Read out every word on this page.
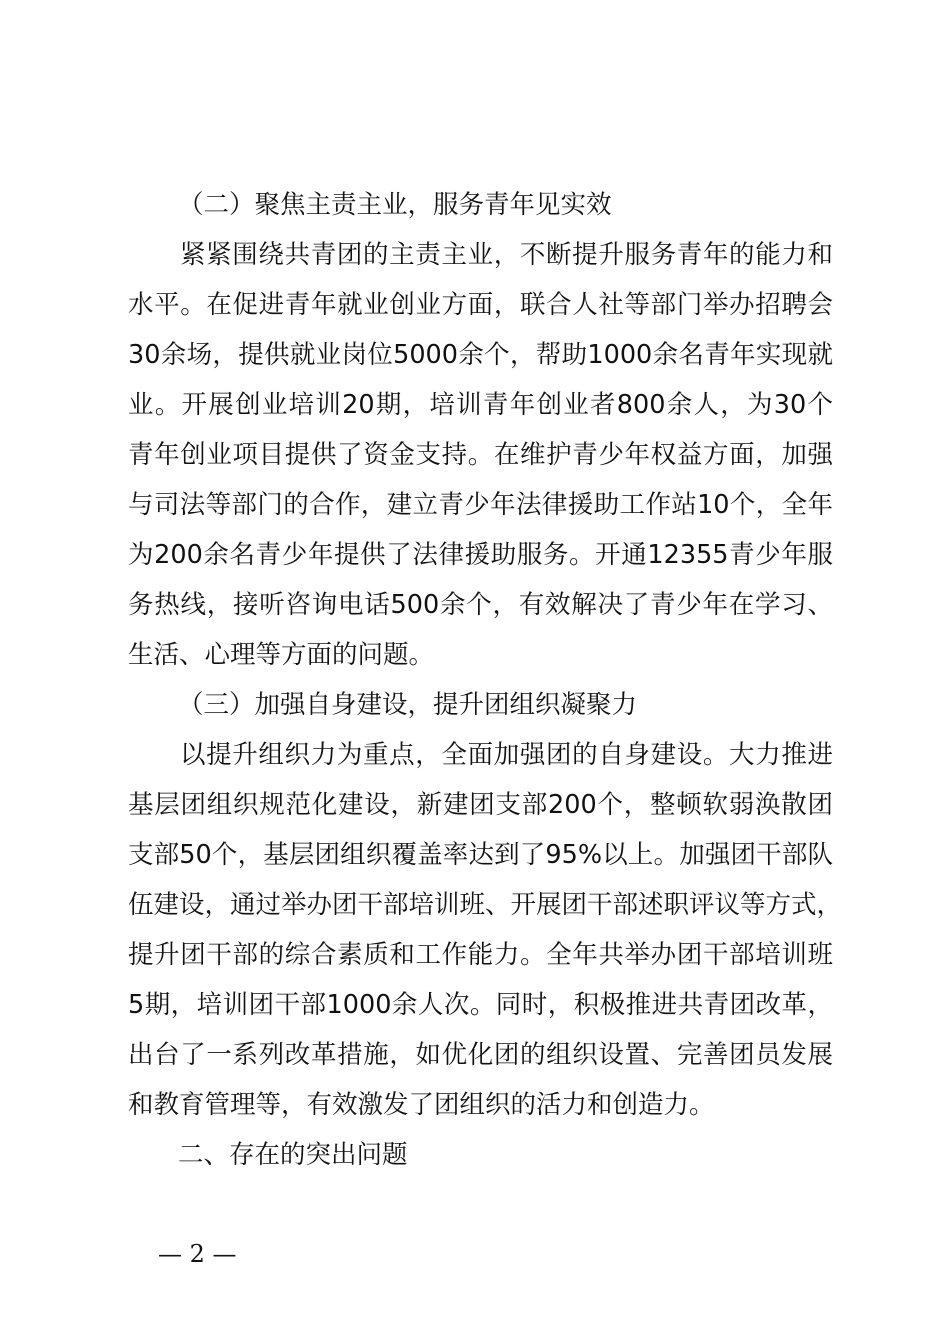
（二）聚焦主责主业，服务青年见实效
紧紧围绕共青团的主责主业，不断提升服务青年的能力和
水平。在促进青年就业创业方面，联合人社等部门举办招聘会
30余场，提供就业岗位5000余个，帮助1000余名青年实现就
业。开展创业培训20期，培训青年创业者800余人，为30个
青年创业项目提供了资金支持。在维护青少年权益方面，加强
与司法等部门的合作，建立青少年法律援助工作站10个，全年
为200余名青少年提供了法律援助服务。开通12355青少年服
务热线，接听咨询电话500余个，有效解决了青少年在学习、
生活、心理等方面的问题。
（三）加强自身建设，提升团组织凝聚力
以提升组织力为重点，全面加强团的自身建设。大力推进
基层团组织规范化建设，新建团支部200个，整顿软弱涣散团
支部50个，基层团组织覆盖率达到了95%以上。加强团干部队
伍建设，通过举办团干部培训班、开展团干部述职评议等方式，
提升团干部的综合素质和工作能力。全年共举办团干部培训班
5期，培训团干部1000余人次。同时，积极推进共青团改革，
出台了一系列改革措施，如优化团的组织设置、完善团员发展
和教育管理等，有效激发了团组织的活力和创造力。
二、存在的突出问题
— 2 —
